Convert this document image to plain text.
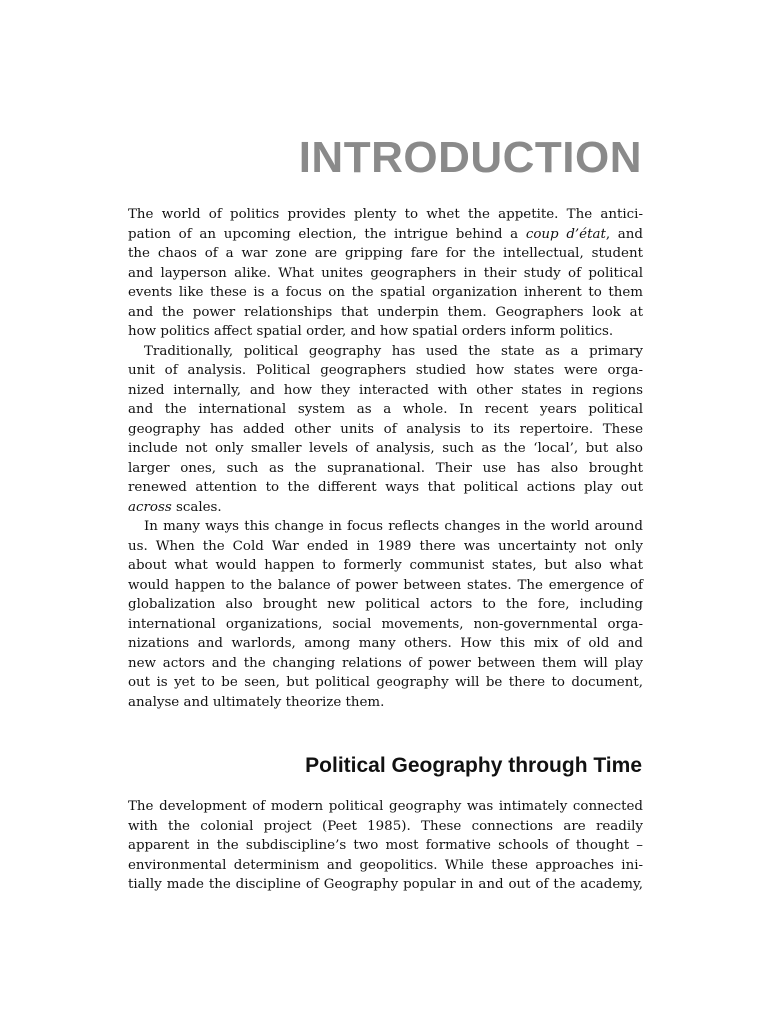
INTRODUCTION
The world of politics provides plenty to whet the appetite. The antici-
pation of an upcoming election, the intrigue behind a coup d’état, and
the chaos of a war zone are gripping fare for the intellectual, student
and layperson alike. What unites geographers in their study of political
events like these is a focus on the spatial organization inherent to them
and the power relationships that underpin them. Geographers look at
how politics affect spatial order, and how spatial orders inform politics.
Traditionally, political geography has used the state as a primary
unit of analysis. Political geographers studied how states were orga-
nized internally, and how they interacted with other states in regions
and the international system as a whole. In recent years political
geography has added other units of analysis to its repertoire. These
include not only smaller levels of analysis, such as the ‘local’, but also
larger ones, such as the supranational. Their use has also brought
renewed attention to the different ways that political actions play out
across scales.
In many ways this change in focus reflects changes in the world around
us. When the Cold War ended in 1989 there was uncertainty not only
about what would happen to formerly communist states, but also what
would happen to the balance of power between states. The emergence of
globalization also brought new political actors to the fore, including
international organizations, social movements, non-governmental orga-
nizations and warlords, among many others. How this mix of old and
new actors and the changing relations of power between them will play
out is yet to be seen, but political geography will be there to document,
analyse and ultimately theorize them.
Political Geography through Time
The development of modern political geography was intimately connected
with the colonial project (Peet 1985). These connections are readily
apparent in the subdiscipline’s two most formative schools of thought –
environmental determinism and geopolitics. While these approaches ini-
tially made the discipline of Geography popular in and out of the academy,
